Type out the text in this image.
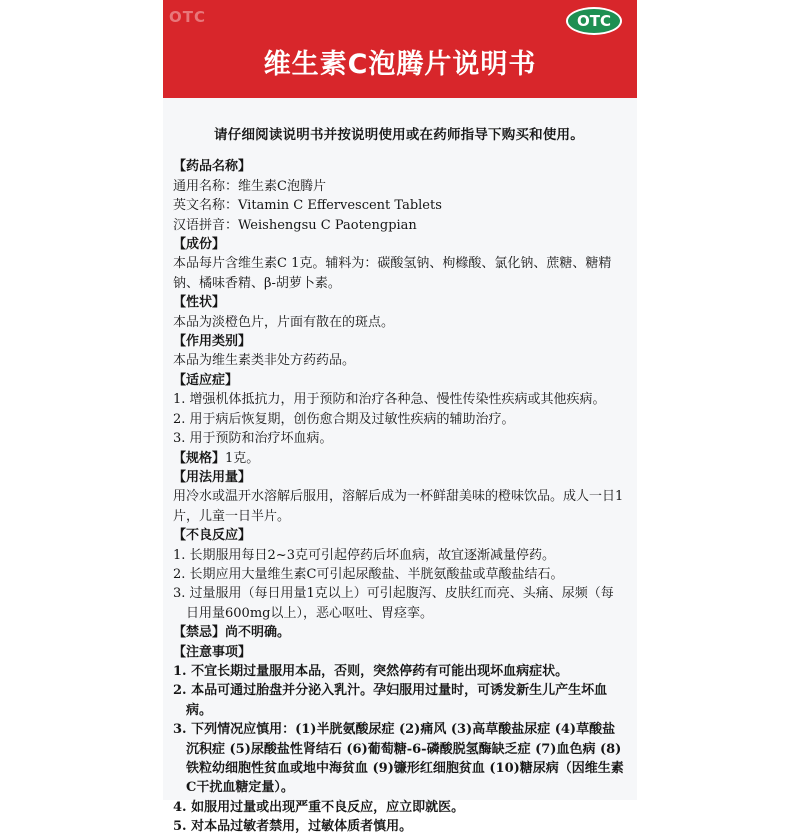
OTC	OTC
维生素C泡腾片说明书

请仔细阅读说明书并按说明使用或在药师指导下购买和使用。

【药品名称】

通用名称：维生素C泡腾片

英文名称：Vitamin C Effervescent Tablets

汉语拼音：Weishengsu C Paotengpian

【成份】

本品每片含维生素C 1克。辅料为：碳酸氢钠、枸橼酸、氯化钠、蔗糖、糖精钠、橘味香精、β-胡萝卜素。

【性状】

本品为淡橙色片，片面有散在的斑点。

【作用类别】

本品为维生素类非处方药药品。

【适应症】

1. 增强机体抵抗力，用于预防和治疗各种急、慢性传染性疾病或其他疾病。

2. 用于病后恢复期，创伤愈合期及过敏性疾病的辅助治疗。

3. 用于预防和治疗坏血病。

【规格】1克。

【用法用量】

用冷水或温开水溶解后服用，溶解后成为一杯鲜甜美味的橙味饮品。成人一日1片，儿童一日半片。

【不良反应】

1. 长期服用每日2~3克可引起停药后坏血病，故宜逐渐减量停药。

2. 长期应用大量维生素C可引起尿酸盐、半胱氨酸盐或草酸盐结石。

3. 过量服用（每日用量1克以上）可引起腹泻、皮肤红而亮、头痛、尿频（每日用量600mg以上），恶心呕吐、胃痉挛。

【禁忌】尚不明确。

【注意事项】

1. 不宜长期过量服用本品，否则，突然停药有可能出现坏血病症状。

2. 本品可通过胎盘并分泌入乳汁。孕妇服用过量时，可诱发新生儿产生坏血病。

3. 下列情况应慎用：(1)半胱氨酸尿症 (2)痛风 (3)高草酸盐尿症 (4)草酸盐沉积症 (5)尿酸盐性肾结石 (6)葡萄糖-6-磷酸脱氢酶缺乏症 (7)血色病 (8)铁粒幼细胞性贫血或地中海贫血 (9)镰形红细胞贫血 (10)糖尿病（因维生素C干扰血糖定量）。

4. 如服用过量或出现严重不良反应，应立即就医。

5. 对本品过敏者禁用，过敏体质者慎用。
